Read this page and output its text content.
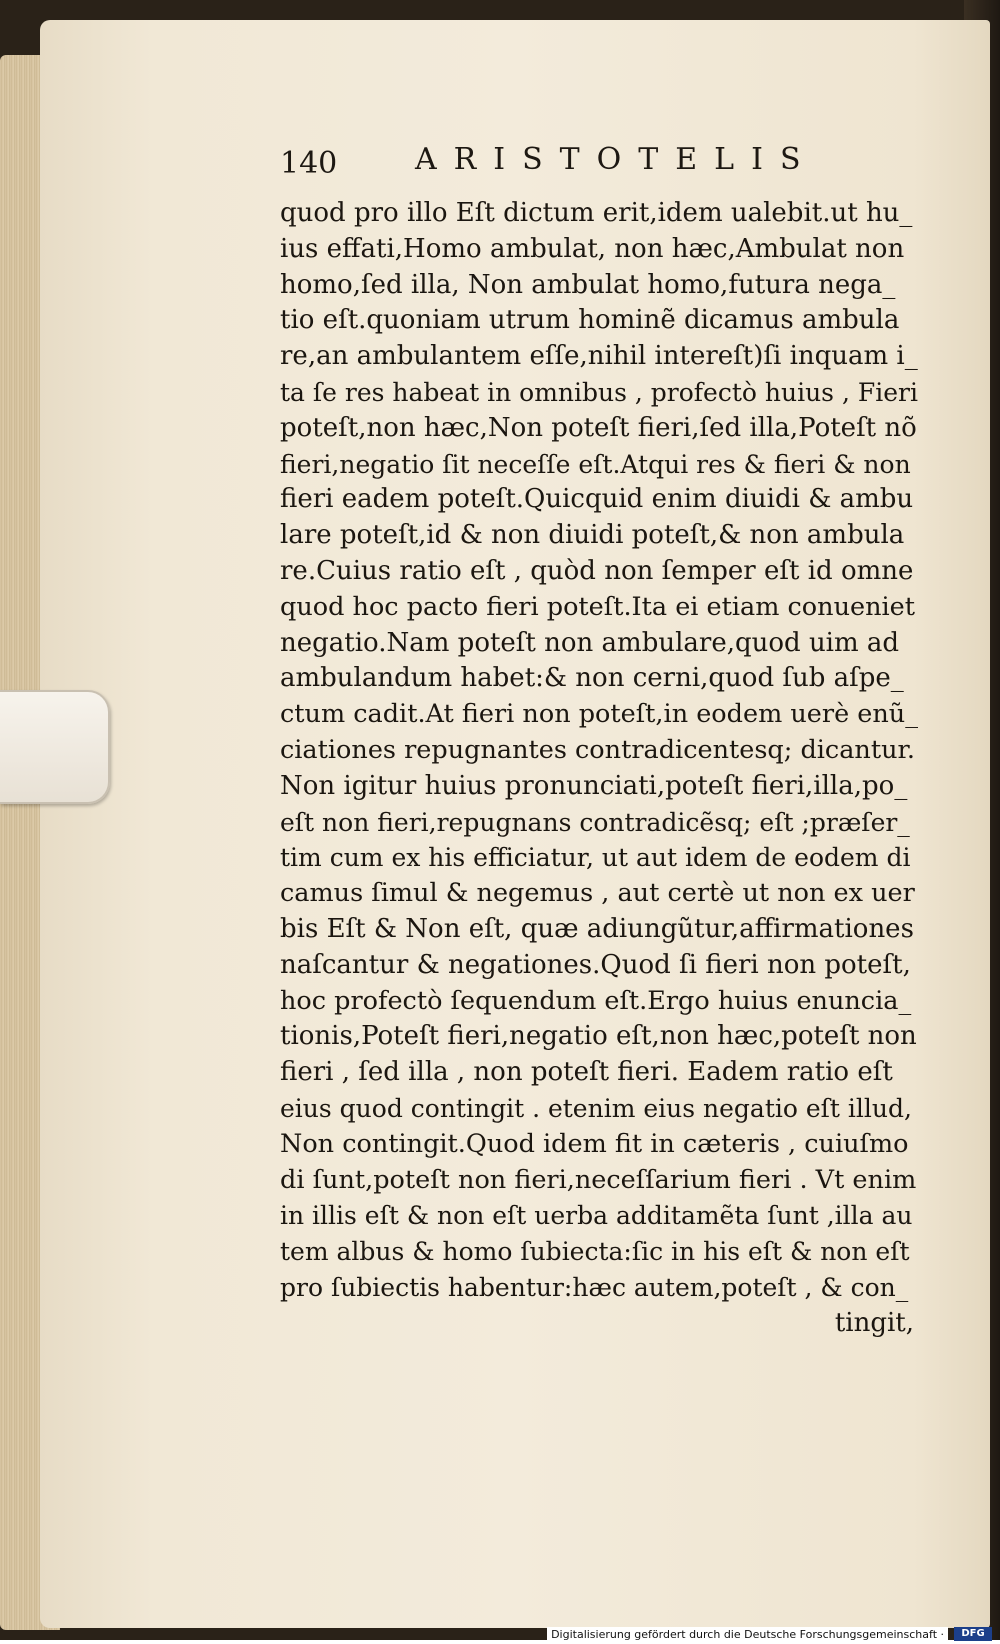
140	ARISTOTELIS
quod pro illo Eſt dictum erit,idem ualebit.ut hu_
ius effati,Homo ambulat, non hæc,Ambulat non
homo,ſed illa, Non ambulat homo,futura nega_
tio eſt.quoniam utrum hominẽ dicamus ambula
re,an ambulantem eſſe,nihil intereſt)ſi inquam i_
ta ſe res habeat in omnibus , profectò huius , Fieri
poteſt,non hæc,Non poteſt fieri,ſed illa,Poteſt nõ
fieri,negatio ſit neceſſe eſt.Atqui res & fieri & non
fieri eadem poteſt.Quicquid enim diuidi & ambu
lare poteſt,id & non diuidi poteſt,& non ambula
re.Cuius ratio eſt , quòd non ſemper eſt id omne
quod hoc pacto fieri poteſt.Ita ei etiam conueniet
negatio.Nam poteſt non ambulare,quod uim ad
ambulandum habet:& non cerni,quod ſub aſpe_
ctum cadit.At fieri non poteſt,in eodem uerè enũ_
ciationes repugnantes contradicentesq; dicantur.
Non igitur huius pronunciati,poteſt fieri,illa,po_
eſt non fieri,repugnans contradicẽsq; eſt ;præſer_
tim cum ex his efficiatur, ut aut idem de eodem di
camus ſimul & negemus , aut certè ut non ex uer
bis Eſt & Non eſt, quæ adiungũtur,affirmationes
naſcantur & negationes.Quod ſi fieri non poteſt,
hoc profectò ſequendum eſt.Ergo huius enuncia_
tionis,Poteſt fieri,negatio eſt,non hæc,poteſt non
fieri , ſed illa , non poteſt fieri. Eadem ratio eſt
eius quod contingit . etenim eius negatio eſt illud,
Non contingit.Quod idem fit in cæteris , cuiuſmo
di ſunt,poteſt non fieri,neceſſarium fieri . Vt enim
in illis eſt & non eſt uerba additamẽta ſunt ,illa au
tem albus & homo ſubiecta:ſic in his eſt & non eſt
pro ſubiectis habentur:hæc autem,poteſt , & con_
tingit,
Digitalisierung gefördert durch die Deutsche Forschungsgemeinschaft ·	DFG
